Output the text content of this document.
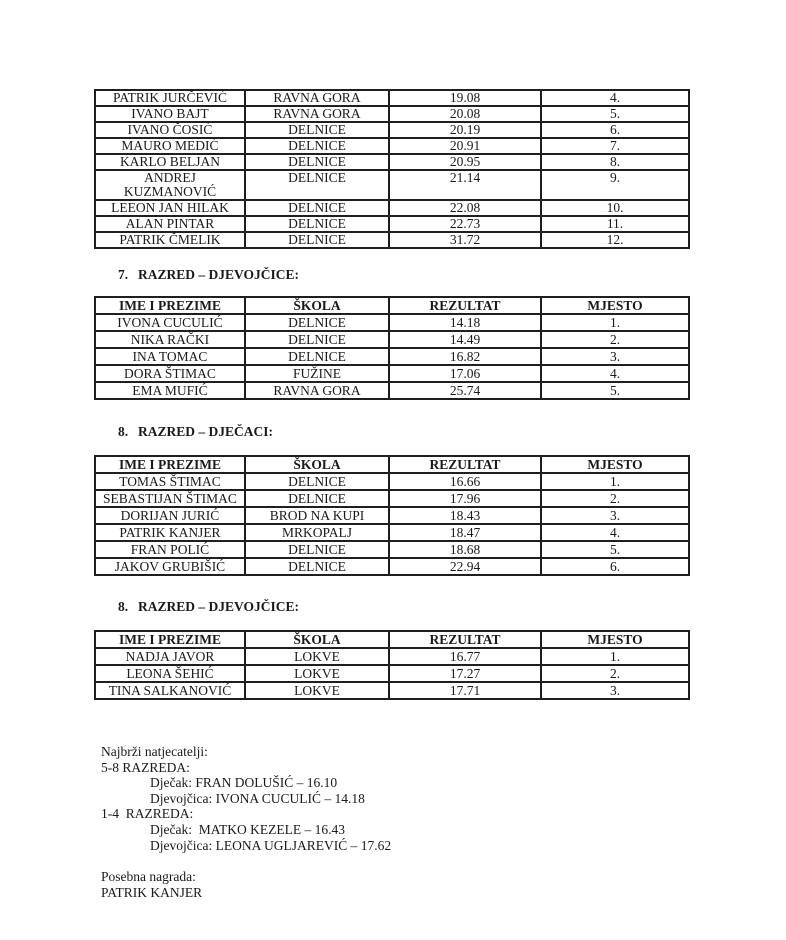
PATRIK JURČEVIĆ	RAVNA GORA	19.08	4.
IVANO BAJT	RAVNA GORA	20.08	5.
IVANO ČOSIĆ	DELNICE	20.19	6.
MAURO MEDIĆ	DELNICE	20.91	7.
KARLO BELJAN	DELNICE	20.95	8.
ANDREJ KUZMANOVIĆ	DELNICE	21.14	9.
LEEON JAN HILAK	DELNICE	22.08	10.
ALAN PINTAR	DELNICE	22.73	11.
PATRIK ČMELIK	DELNICE	31.72	12.
7. RAZRED – DJEVOJČICE:
IME I PREZIME	ŠKOLA	REZULTAT	MJESTO
IVONA CUCULIĆ	DELNICE	14.18	1.
NIKA RAČKI	DELNICE	14.49	2.
INA TOMAC	DELNICE	16.82	3.
DORA ŠTIMAC	FUŽINE	17.06	4.
EMA MUFIĆ	RAVNA GORA	25.74	5.
8. RAZRED – DJEČACI:
IME I PREZIME	ŠKOLA	REZULTAT	MJESTO
TOMAS ŠTIMAC	DELNICE	16.66	1.
SEBASTIJAN ŠTIMAC	DELNICE	17.96	2.
DORIJAN JURIĆ	BROD NA KUPI	18.43	3.
PATRIK KANJER	MRKOPALJ	18.47	4.
FRAN POLIĆ	DELNICE	18.68	5.
JAKOV GRUBIŠIĆ	DELNICE	22.94	6.
8. RAZRED – DJEVOJČICE:
IME I PREZIME	ŠKOLA	REZULTAT	MJESTO
NADJA JAVOR	LOKVE	16.77	1.
LEONA ŠEHIĆ	LOKVE	17.27	2.
TINA SALKANOVIĆ	LOKVE	17.71	3.
Najbrži natjecatelji:
5-8 RAZREDA:
Dječak: FRAN DOLUŠIĆ – 16.10
Djevojčica: IVONA CUCULIĆ – 14.18
1-4  RAZREDA:
Dječak:  MATKO KEZELE – 16.43
Djevojčica: LEONA UGLJAREVIĆ – 17.62
Posebna nagrada:
PATRIK KANJER
